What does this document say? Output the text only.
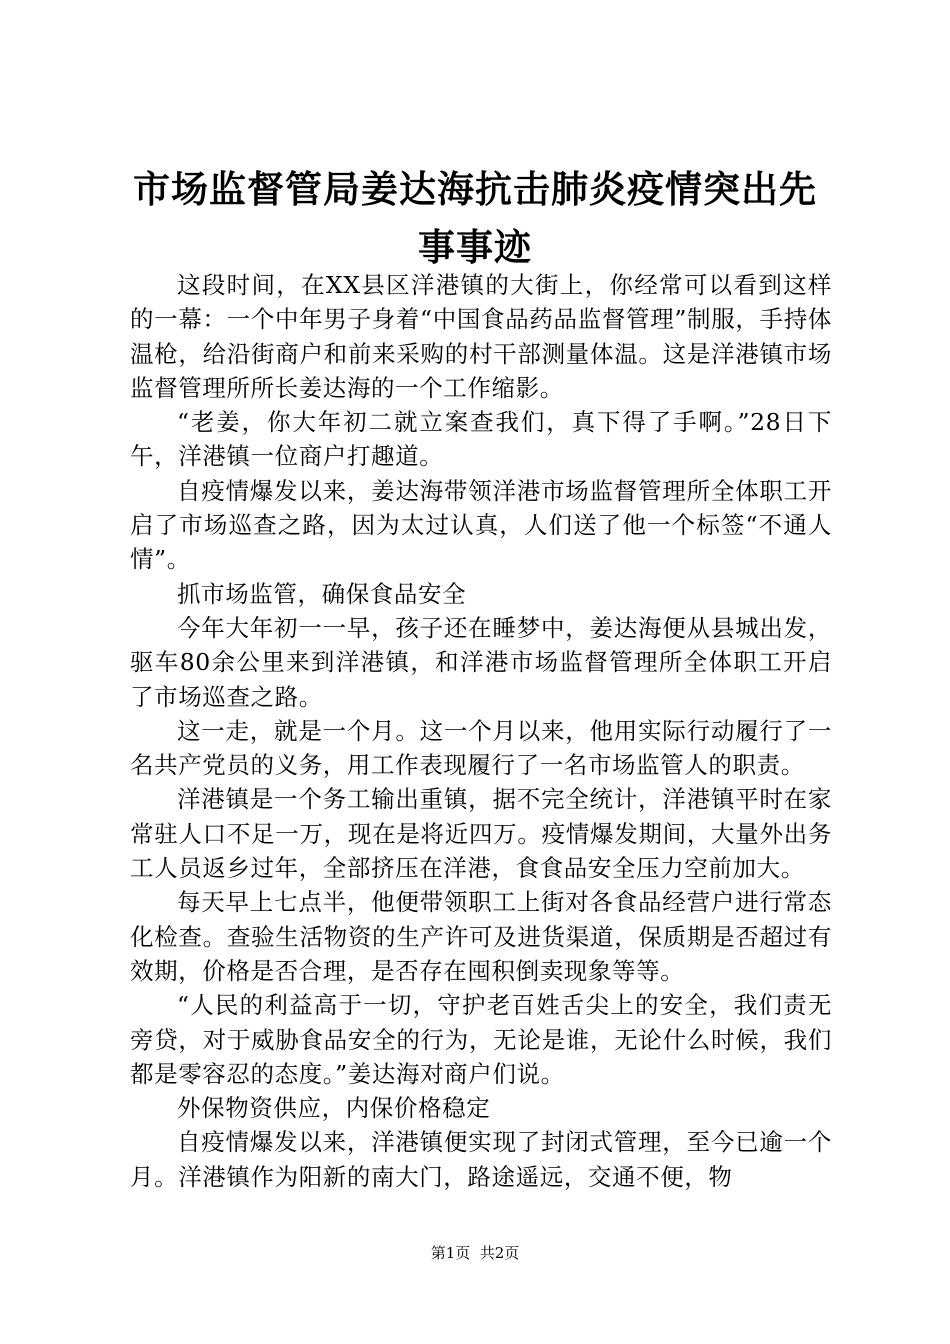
市场监督管局姜达海抗击肺炎疫情突出先事事迹

这段时间，在XX县区洋港镇的大街上，你经常可以看到这样的一幕：一个中年男子身着“中国食品药品监督管理”制服，手持体温枪，给沿街商户和前来采购的村干部测量体温。这是洋港镇市场监督管理所所长姜达海的一个工作缩影。

“老姜，你大年初二就立案查我们，真下得了手啊。”28日下午，洋港镇一位商户打趣道。

自疫情爆发以来，姜达海带领洋港市场监督管理所全体职工开启了市场巡查之路，因为太过认真，人们送了他一个标签“不通人情”。

抓市场监管，确保食品安全

今年大年初一一早，孩子还在睡梦中，姜达海便从县城出发，驱车80余公里来到洋港镇，和洋港市场监督管理所全体职工开启了市场巡查之路。

这一走，就是一个月。这一个月以来，他用实际行动履行了一名共产党员的义务，用工作表现履行了一名市场监管人的职责。

洋港镇是一个务工输出重镇，据不完全统计，洋港镇平时在家常驻人口不足一万，现在是将近四万。疫情爆发期间，大量外出务工人员返乡过年，全部挤压在洋港，食食品安全压力空前加大。

每天早上七点半，他便带领职工上街对各食品经营户进行常态化检查。查验生活物资的生产许可及进货渠道，保质期是否超过有效期，价格是否合理，是否存在囤积倒卖现象等等。

“人民的利益高于一切，守护老百姓舌尖上的安全，我们责无旁贷，对于威胁食品安全的行为，无论是谁，无论什么时候，我们都是零容忍的态度。”姜达海对商户们说。

外保物资供应，内保价格稳定

自疫情爆发以来，洋港镇便实现了封闭式管理，至今已逾一个月。洋港镇作为阳新的南大门，路途遥远，交通不便，物

第1页  共2页
